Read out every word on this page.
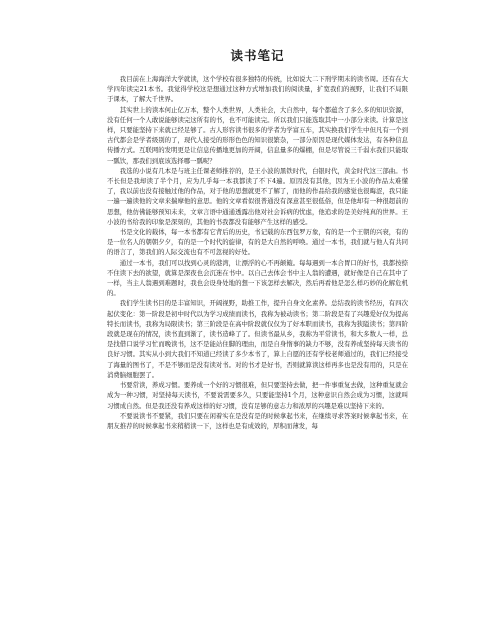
读书笔记

我目前在上海海洋大学就读，这个学校有很多独特的传统，比如说大二下刑学期末的读书周。还有在大学四年读完21本书。我觉得学校这是想通过这种方式增加我们的阅读量，扩宽我们的视野，让我们不局限于课本，了解大千世界。

其实世上的读本何止亿万本，整个人类世界，人类社会，大自然中，每个都蕴含了多么多的知识资源，没有任何一个人敢说能够读完这所有的书，也不可能读完。所以我们只能选取其中一小部分来读。计算是这样，只要能坚持下来就已经足够了。古人形容读书很多的学者为学富五车，其实换我们学生中但凡有一个到古代都会是学者级别的了，现代人接受的形形色色的知识很繁杂，一部分原因是现代媒体发达，有各种信息传播方式。互联网的发明更是让信息传播地更加的开阔，信息量多的爆棚，但是尽管说三千弱水我们只能取一瓢饮，那我们到底该选择哪一瓢呢？

我选的小说有几本是与班主任课老师推荐的，是王小波的黑铁时代，白银时代，黄金时代这三部曲。书不长但是我却读了半个月，应为几乎每一本我都读了不下4遍。原因没有其他，因为王小波的作品太难懂了，我以前也没有接触过他的作品，对于他的思想就更不了解了，而他的作品给我的感觉也很晦涩，我只能一遍一遍读他的文章来揣摩他的意思。他的文章看似很普通没有深意甚至很低俗，但是他却有一种很超前的思想，他仿佛能够预知未来，文章言语中通通透露出他对社会诉病的忧虑，他追求的是美好纯真的世界。王小波的书给我的印象是深刻的，其他的书我都没有能够产生这样的感受。

书是文化的载体，每一本书都有它背后的历史，书记载的东西包罗万象，有的是一个王朝的兴衰，有的是一位名人的朝朝夕夕，有的是一个时代的旋律，有的是大自然的呼唤。通过一本书，我们就与他人有共同的语言了，第我们的人际交流也有不可忽视的好处。

通过一本书，我们可以找到心灵的港湾，让漂浮的心不再颠簸。每每遇到一本合胃口的好书，我都按捺不住读下去的欲望，就算是深夜也会沉迷在书中。以自己去体会书中主人翁的遭遇，就好像是自己在其中了一样，当主人翁遇到难题时，我也会设身处地的想一下该怎样去解决，然后再看他是怎么样巧妙的化解危机的。

我们学生读书目的是丰富知识，开阔视野，助推工作，提升自身文化素养。总结我的读书经历，有四次起伏变化：第一阶段是初中时代以为学习成绩而读书，我称为被动读书；第二阶段是有了兴趣爱好仅为提高特长而读书，我称为局限读书；第三阶段是在高中阶段就仅仅为了好本职而读书，我称为狭隘读书；第四阶段就是现在的情况，读书直到渐了，读书造峰了了。但读书最从乡，我称为平常读书，和大多数人一样，总是找借口说学习忙而晚读书，这不是能站住脚的理由，而是自身惰事的缺力不够，没有养成坚持每天读书的良好习惯。其实从小到大我们不知道已经读了多少本书了，算上自愿的还有学校老师通过的，我们已经接受了海量的图书了，不是不够而是没有读对书。对的书才是好书，否则就算读这样再多也是没有用的，只是在消费脑细胞罢了。

书要常读，养成习惯。要养成一个好的习惯很难，但只要坚持去做，把一件事重复去做，这种重复就会成为一种习惯，对坚持每天读书，不要说需要多久，只要能坚持1个月，这种意识自然会成为习惯，这就叫习惯成自然。但是我还没有养成这样的好习惯，没有足够的意志力和浓厚的兴趣是难以坚持下来的。

不要说读书不要紧，我们只要在闲着实在是没有是的时候拿起书来，在继续寻求答案时候拿起书来，在朋友推荐的时候拿起书来稍稍读一下，这样也是有成效的，厚积而薄发，每
